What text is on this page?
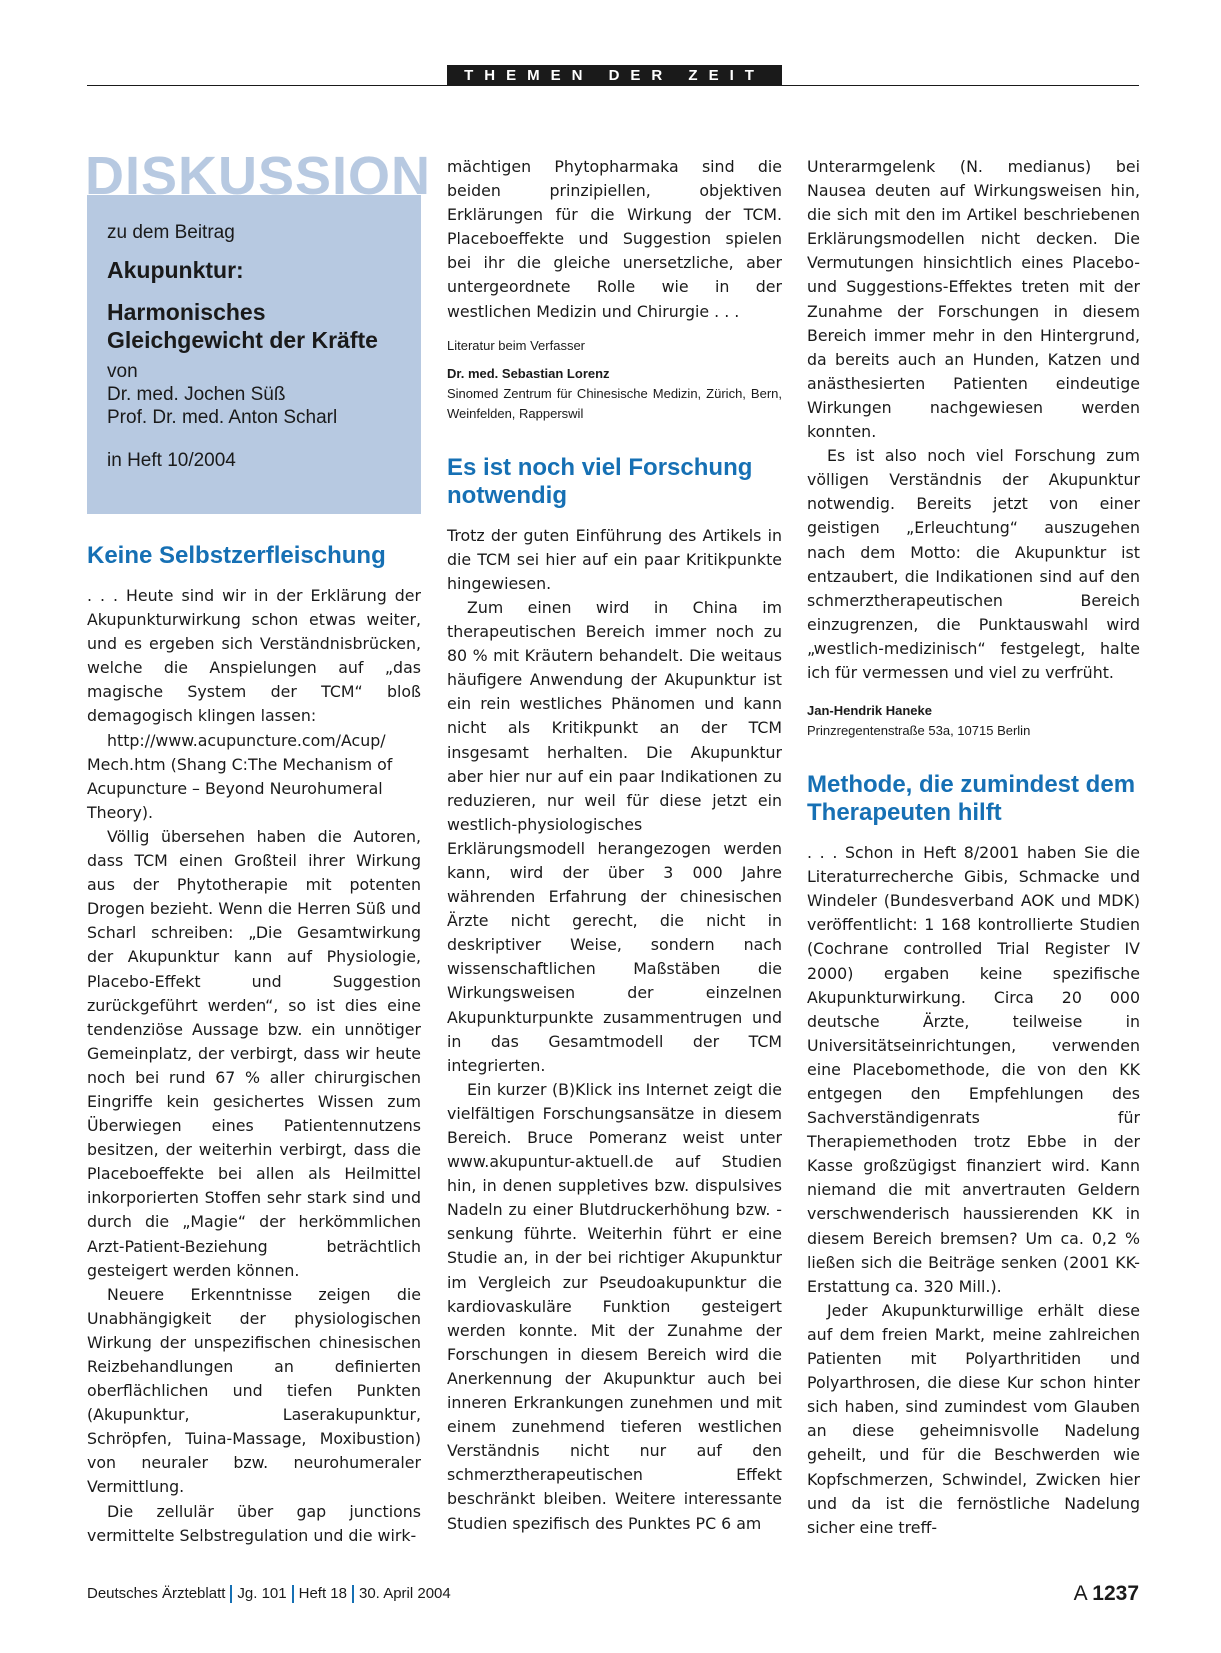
THEMEN DER ZEIT
DISKUSSION

zu dem Beitrag

Akupunktur:

Harmonisches

Gleichgewicht der Kräfte

von

Dr. med. Jochen Süß

Prof. Dr. med. Anton Scharl

in Heft 10/2004

Keine Selbstzerfleischung

. . . Heute sind wir in der Erklärung der Akupunkturwirkung schon etwas weiter, und es ergeben sich Verständnisbrücken, welche die Anspielungen auf „das magische System der TCM“ bloß demagogisch klingen lassen:

http://www.acupuncture.com/Acup/ Mech.htm (Shang C:The Mechanism of Acupuncture – Beyond Neurohumeral Theory).

Völlig übersehen haben die Autoren, dass TCM einen Großteil ihrer Wirkung aus der Phytotherapie mit potenten Drogen bezieht. Wenn die Herren Süß und Scharl schreiben: „Die Gesamtwirkung der Akupunktur kann auf Physiologie, Placebo-Effekt und Suggestion zurückgeführt werden“, so ist dies eine tendenziöse Aussage bzw. ein unnötiger Gemeinplatz, der verbirgt, dass wir heute noch bei rund 67 % aller chirurgischen Eingriffe kein gesichertes Wissen zum Überwiegen eines Patientennutzens besitzen, der weiterhin verbirgt, dass die Placeboeffekte bei allen als Heilmittel inkorporierten Stoffen sehr stark sind und durch die „Magie“ der herkömmlichen Arzt-Patient-Beziehung beträchtlich gesteigert werden können.

Neuere Erkenntnisse zeigen die Unabhängigkeit der physiologischen Wirkung der unspezifischen chinesischen Reizbehandlungen an definierten oberflächlichen und tiefen Punkten (Akupunktur, Laserakupunktur, Schröpfen, Tuina-Massage, Moxibustion) von neuraler bzw. neurohumeraler Vermittlung.

Die zellulär über gap junctions vermittelte Selbstregulation und die wirk-

mächtigen Phytopharmaka sind die beiden prinzipiellen, objektiven Erklärungen für die Wirkung der TCM. Placeboeffekte und Suggestion spielen bei ihr die gleiche unersetzliche, aber untergeordnete Rolle wie in der westlichen Medizin und Chirurgie . . .

Literatur beim Verfasser

Dr. med. Sebastian Lorenz

Sinomed Zentrum für Chinesische Medizin, Zürich, Bern, Weinfelden, Rapperswil

Es ist noch viel Forschung notwendig

Trotz der guten Einführung des Artikels in die TCM sei hier auf ein paar Kritikpunkte hingewiesen.

Zum einen wird in China im therapeutischen Bereich immer noch zu 80 % mit Kräutern behandelt. Die weitaus häufigere Anwendung der Akupunktur ist ein rein westliches Phänomen und kann nicht als Kritikpunkt an der TCM insgesamt herhalten. Die Akupunktur aber hier nur auf ein paar Indikationen zu reduzieren, nur weil für diese jetzt ein westlich-physiologisches Erklärungsmodell herangezogen werden kann, wird der über 3 000 Jahre währenden Erfahrung der chinesischen Ärzte nicht gerecht, die nicht in deskriptiver Weise, sondern nach wissenschaftlichen Maßstäben die Wirkungsweisen der einzelnen Akupunkturpunkte zusammentrugen und in das Gesamtmodell der TCM integrierten.

Ein kurzer (B)Klick ins Internet zeigt die vielfältigen Forschungsansätze in diesem Bereich. Bruce Pomeranz weist unter www.akupuntur-aktuell.de auf Studien hin, in denen suppletives bzw. dispulsives Nadeln zu einer Blutdruckerhöhung bzw. -senkung führte. Weiterhin führt er eine Studie an, in der bei richtiger Akupunktur im Vergleich zur Pseudoakupunktur die kardiovaskuläre Funktion gesteigert werden konnte. Mit der Zunahme der Forschungen in diesem Bereich wird die Anerkennung der Akupunktur auch bei inneren Erkrankungen zunehmen und mit einem zunehmend tieferen westlichen Verständnis nicht nur auf den schmerztherapeutischen Effekt beschränkt bleiben. Weitere interessante Studien spezifisch des Punktes PC 6 am

Unterarmgelenk (N. medianus) bei Nausea deuten auf Wirkungsweisen hin, die sich mit den im Artikel beschriebenen Erklärungsmodellen nicht decken. Die Vermutungen hinsichtlich eines Placebo- und Suggestions-Effektes treten mit der Zunahme der Forschungen in diesem Bereich immer mehr in den Hintergrund, da bereits auch an Hunden, Katzen und anästhesierten Patienten eindeutige Wirkungen nachgewiesen werden konnten.

Es ist also noch viel Forschung zum völligen Verständnis der Akupunktur notwendig. Bereits jetzt von einer geistigen „Erleuchtung“ auszugehen nach dem Motto: die Akupunktur ist entzaubert, die Indikationen sind auf den schmerztherapeutischen Bereich einzugrenzen, die Punktauswahl wird „westlich-medizinisch“ festgelegt, halte ich für vermessen und viel zu verfrüht.

Jan-Hendrik Haneke

Prinzregentenstraße 53a, 10715 Berlin

Methode, die zumindest dem Therapeuten hilft

. . . Schon in Heft 8/2001 haben Sie die Literaturrecherche Gibis, Schmacke und Windeler (Bundesverband AOK und MDK) veröffentlicht: 1 168 kontrollierte Studien (Cochrane controlled Trial Register IV 2000) ergaben keine spezifische Akupunkturwirkung. Circa 20 000 deutsche Ärzte, teilweise in Universitätseinrichtungen, verwenden eine Placebomethode, die von den KK entgegen den Empfehlungen des Sachverständigenrats für Therapiemethoden trotz Ebbe in der Kasse großzügigst finanziert wird. Kann niemand die mit anvertrauten Geldern verschwenderisch haussierenden KK in diesem Bereich bremsen? Um ca. 0,2 % ließen sich die Beiträge senken (2001 KK-Erstattung ca. 320 Mill.).

Jeder Akupunkturwillige erhält diese auf dem freien Markt, meine zahlreichen Patienten mit Polyarthritiden und Polyarthrosen, die diese Kur schon hinter sich haben, sind zumindest vom Glauben an diese geheimnisvolle Nadelung geheilt, und für die Beschwerden wie Kopfschmerzen, Schwindel, Zwicken hier und da ist die fernöstliche Nadelung sicher eine treff-

Deutsches Ärzteblatt Jg. 101 Heft 18 30. April 2004	A 1237
